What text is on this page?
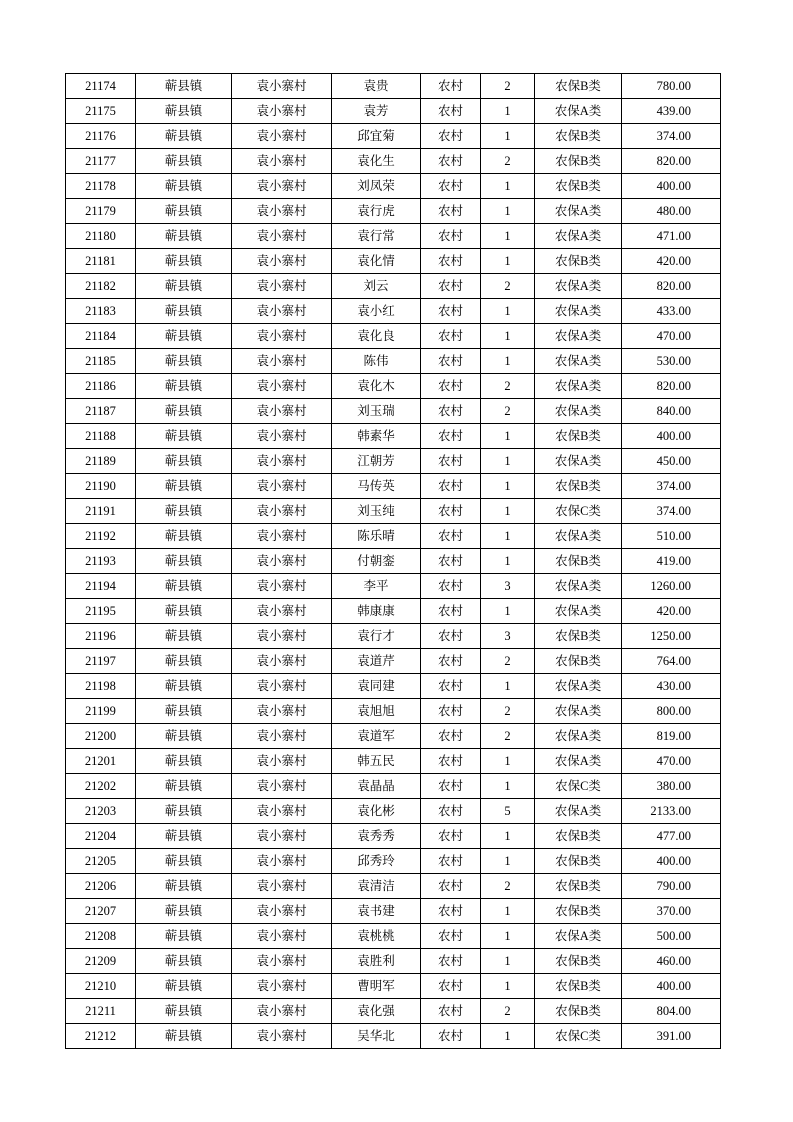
21174	蕲县镇	袁小寨村	袁贵	农村	2	农保B类	780.00
21175	蕲县镇	袁小寨村	袁芳	农村	1	农保A类	439.00
21176	蕲县镇	袁小寨村	邱宜菊	农村	1	农保B类	374.00
21177	蕲县镇	袁小寨村	袁化生	农村	2	农保B类	820.00
21178	蕲县镇	袁小寨村	刘凤荣	农村	1	农保B类	400.00
21179	蕲县镇	袁小寨村	袁行虎	农村	1	农保A类	480.00
21180	蕲县镇	袁小寨村	袁行常	农村	1	农保A类	471.00
21181	蕲县镇	袁小寨村	袁化情	农村	1	农保B类	420.00
21182	蕲县镇	袁小寨村	刘云	农村	2	农保A类	820.00
21183	蕲县镇	袁小寨村	袁小红	农村	1	农保A类	433.00
21184	蕲县镇	袁小寨村	袁化良	农村	1	农保A类	470.00
21185	蕲县镇	袁小寨村	陈伟	农村	1	农保A类	530.00
21186	蕲县镇	袁小寨村	袁化木	农村	2	农保A类	820.00
21187	蕲县镇	袁小寨村	刘玉瑞	农村	2	农保A类	840.00
21188	蕲县镇	袁小寨村	韩素华	农村	1	农保B类	400.00
21189	蕲县镇	袁小寨村	江朝芳	农村	1	农保A类	450.00
21190	蕲县镇	袁小寨村	马传英	农村	1	农保B类	374.00
21191	蕲县镇	袁小寨村	刘玉纯	农村	1	农保C类	374.00
21192	蕲县镇	袁小寨村	陈乐晴	农村	1	农保A类	510.00
21193	蕲县镇	袁小寨村	付朝銮	农村	1	农保B类	419.00
21194	蕲县镇	袁小寨村	李平	农村	3	农保A类	1260.00
21195	蕲县镇	袁小寨村	韩康康	农村	1	农保A类	420.00
21196	蕲县镇	袁小寨村	袁行才	农村	3	农保B类	1250.00
21197	蕲县镇	袁小寨村	袁道芹	农村	2	农保B类	764.00
21198	蕲县镇	袁小寨村	袁同建	农村	1	农保A类	430.00
21199	蕲县镇	袁小寨村	袁旭旭	农村	2	农保A类	800.00
21200	蕲县镇	袁小寨村	袁道军	农村	2	农保A类	819.00
21201	蕲县镇	袁小寨村	韩五民	农村	1	农保A类	470.00
21202	蕲县镇	袁小寨村	袁晶晶	农村	1	农保C类	380.00
21203	蕲县镇	袁小寨村	袁化彬	农村	5	农保A类	2133.00
21204	蕲县镇	袁小寨村	袁秀秀	农村	1	农保B类	477.00
21205	蕲县镇	袁小寨村	邱秀玲	农村	1	农保B类	400.00
21206	蕲县镇	袁小寨村	袁清洁	农村	2	农保B类	790.00
21207	蕲县镇	袁小寨村	袁书建	农村	1	农保B类	370.00
21208	蕲县镇	袁小寨村	袁桃桃	农村	1	农保A类	500.00
21209	蕲县镇	袁小寨村	袁胜利	农村	1	农保B类	460.00
21210	蕲县镇	袁小寨村	曹明军	农村	1	农保B类	400.00
21211	蕲县镇	袁小寨村	袁化强	农村	2	农保B类	804.00
21212	蕲县镇	袁小寨村	吴华北	农村	1	农保C类	391.00
